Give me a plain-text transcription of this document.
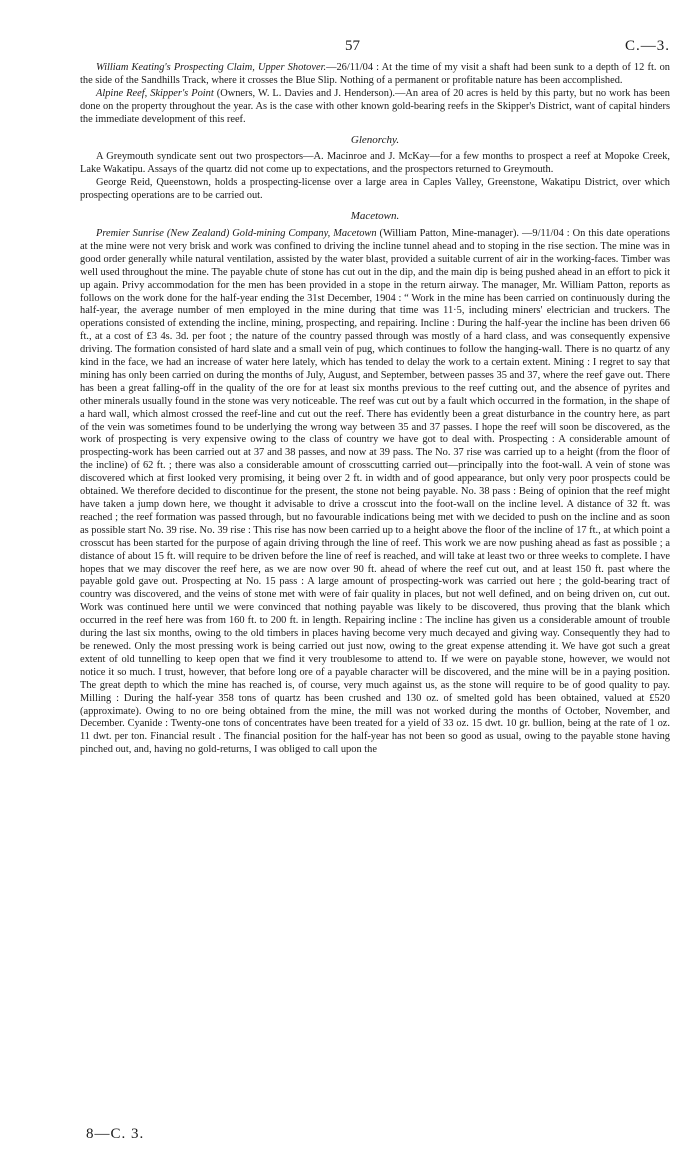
57	C.—3.

William Keating's Prospecting Claim, Upper Shotover.—26/11/04 : At the time of my visit a shaft had been sunk to a depth of 12 ft. on the side of the Sandhills Track, where it crosses the Blue Slip. Nothing of a permanent or profitable nature has been accomplished.

Alpine Reef, Skipper's Point (Owners, W. L. Davies and J. Henderson).—An area of 20 acres is held by this party, but no work has been done on the property throughout the year. As is the case with other known gold-bearing reefs in the Skipper's District, want of capital hinders the immediate development of this reef.

Glenorchy.

A Greymouth syndicate sent out two prospectors—A. Macinroe and J. McKay—for a few months to prospect a reef at Mopoke Creek, Lake Wakatipu. Assays of the quartz did not come up to expectations, and the prospectors returned to Greymouth.

George Reid, Queenstown, holds a prospecting-license over a large area in Caples Valley, Greenstone, Wakatipu District, over which prospecting operations are to be carried out.

Macetown.

Premier Sunrise (New Zealand) Gold-mining Company, Macetown (William Patton, Mine-manager). —9/11/04 : On this date operations at the mine were not very brisk and work was confined to driving the incline tunnel ahead and to stoping in the rise section. The mine was in good order generally while natural ventilation, assisted by the water blast, provided a suitable current of air in the working-faces. Timber was well used throughout the mine. The payable chute of stone has cut out in the dip, and the main dip is being pushed ahead in an effort to pick it up again. Privy accommodation for the men has been provided in a stope in the return airway. The manager, Mr. William Patton, reports as follows on the work done for the half-year ending the 31st December, 1904 : “ Work in the mine has been carried on continuously during the half-year, the average number of men employed in the mine during that time was 11·5, including miners' electrician and truckers. The operations consisted of extending the incline, mining, prospecting, and repairing. Incline : During the half-year the incline has been driven 66 ft., at a cost of £3 4s. 3d. per foot ; the nature of the country passed through was mostly of a hard class, and was consequently expensive driving. The formation consisted of hard slate and a small vein of pug, which continues to follow the hanging-wall. There is no quartz of any kind in the face, we had an increase of water here lately, which has tended to delay the work to a certain extent. Mining : I regret to say that mining has only been carried on during the months of July, August, and September, between passes 35 and 37, where the reef gave out. There has been a great falling-off in the quality of the ore for at least six months previous to the reef cutting out, and the absence of pyrites and other minerals usually found in the stone was very noticeable. The reef was cut out by a fault which occurred in the formation, in the shape of a hard wall, which almost crossed the reef-line and cut out the reef. There has evidently been a great disturbance in the country here, as part of the vein was sometimes found to be underlying the wrong way between 35 and 37 passes. I hope the reef will soon be discovered, as the work of prospecting is very expensive owing to the class of country we have got to deal with. Prospecting : A considerable amount of prospecting-work has been carried out at 37 and 38 passes, and now at 39 pass. The No. 37 rise was carried up to a height (from the floor of the incline) of 62 ft. ; there was also a considerable amount of crosscutting carried out—principally into the foot-wall. A vein of stone was discovered which at first looked very promising, it being over 2 ft. in width and of good appearance, but only very poor prospects could be obtained. We therefore decided to discontinue for the present, the stone not being payable. No. 38 pass : Being of opinion that the reef might have taken a jump down here, we thought it advisable to drive a crosscut into the foot-wall on the incline level. A distance of 32 ft. was reached ; the reef formation was passed through, but no favourable indications being met with we decided to push on the incline and as soon as possible start No. 39 rise. No. 39 rise : This rise has now been carried up to a height above the floor of the incline of 17 ft., at which point a crosscut has been started for the purpose of again driving through the line of reef. This work we are now pushing ahead as fast as possible ; a distance of about 15 ft. will require to be driven before the line of reef is reached, and will take at least two or three weeks to complete. I have hopes that we may discover the reef here, as we are now over 90 ft. ahead of where the reef cut out, and at least 150 ft. past where the payable gold gave out. Prospecting at No. 15 pass : A large amount of prospecting-work was carried out here ; the gold-bearing tract of country was discovered, and the veins of stone met with were of fair quality in places, but not well defined, and on being driven on, cut out. Work was continued here until we were convinced that nothing payable was likely to be discovered, thus proving that the blank which occurred in the reef here was from 160 ft. to 200 ft. in length. Repairing incline : The incline has given us a considerable amount of trouble during the last six months, owing to the old timbers in places having become very much decayed and giving way. Consequently they had to be renewed. Only the most pressing work is being carried out just now, owing to the great expense attending it. We have got such a great extent of old tunnelling to keep open that we find it very troublesome to attend to. If we were on payable stone, however, we would not notice it so much. I trust, however, that before long ore of a payable character will be discovered, and the mine will be in a paying position. The great depth to which the mine has reached is, of course, very much against us, as the stone will require to be of good quality to pay. Milling : During the half-year 358 tons of quartz has been crushed and 130 oz. of smelted gold has been obtained, valued at £520 (approximate). Owing to no ore being obtained from the mine, the mill was not worked during the months of October, November, and December. Cyanide : Twenty-one tons of concentrates have been treated for a yield of 33 oz. 15 dwt. 10 gr. bullion, being at the rate of 1 oz. 11 dwt. per ton. Financial result . The financial position for the half-year has not been so good as usual, owing to the payable stone having pinched out, and, having no gold-returns, I was obliged to call upon the

8—C. 3.
